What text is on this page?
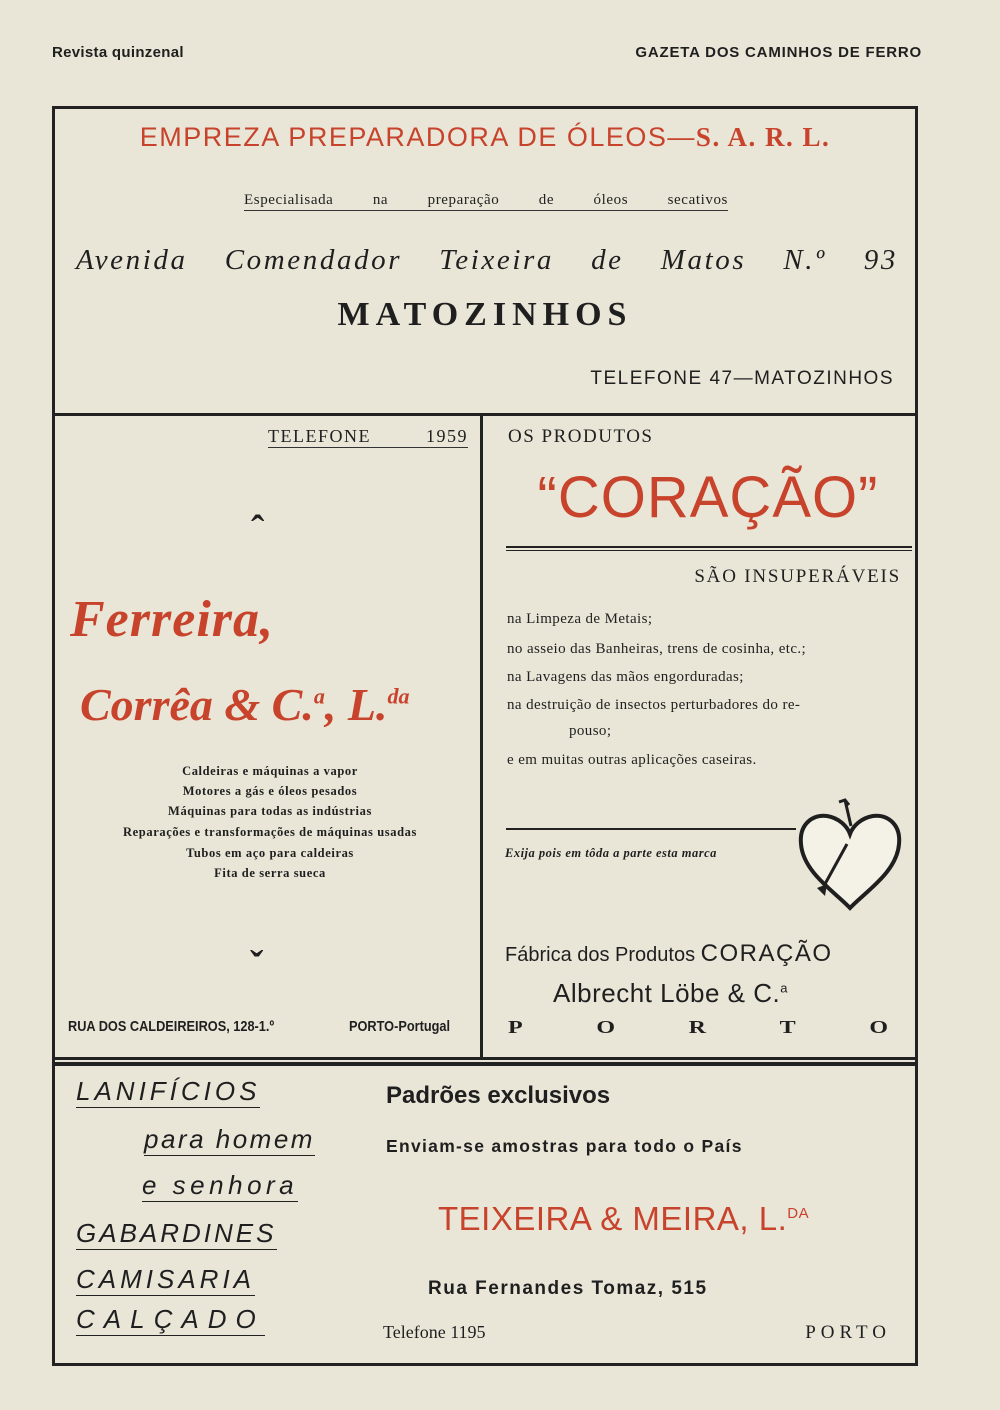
Revista quinzenal	GAZETA DOS CAMINHOS DE FERRO
EMPREZA PREPARADORA DE ÓLEOS—S. A. R. L.
Especialisada na preparação de óleos secativos
Avenida Comendador Teixeira de Matos N.º 93
MATOZINHOS
TELEFONE 47—MATOZINHOS
TELEFONE	1959
ˆ
Ferreira,
Corrêa & C.$^a$, L.$^{da}$
Caldeiras e máquinas a vapor
Motores a gás e óleos pesados
Máquinas para todas as indústrias
Reparações e transformações de máquinas usadas
Tubos em aço para caldeiras
Fita de serra sueca
ˆ
RUA DOS CALDEIREIROS, 128-1.º	PORTO-Portugal
OS PRODUTOS
“CORAÇÃO”
SÃO INSUPERÁVEIS
na Limpeza de Metais;
no asseio das Banheiras, trens de cosinha, etc.;
na Lavagens das mãos engorduradas;
na destruição de insectos perturbadores do re-
pouso;
e em muitas outras aplicações caseiras.
Exija pois em tôda a parte esta marca
Fábrica dos Produtos CORAÇÃO
Albrecht Löbe & C.$^a$
P	O	R	T	O
LANIFÍCIOS
para homem
e senhora
GABARDINES
CAMISARIA
CALÇADO
Padrões exclusivos
Enviam-se amostras para todo o País
TEIXEIRA & MEIRA, L.$^{DA}$
Rua Fernandes Tomaz, 515
Telefone 1195	PORTO
